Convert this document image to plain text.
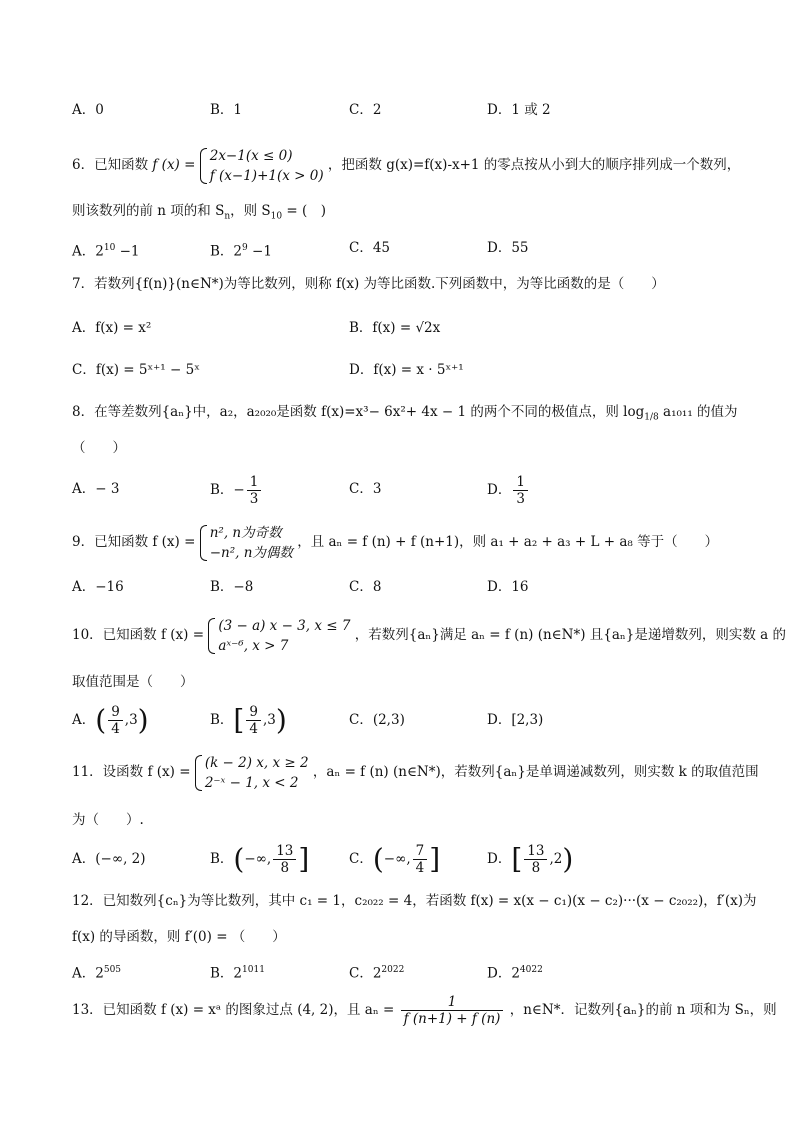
A．0	B．1	C．2	D．1 或 2
6．已知函数 f (x) =
2x−1(x ≤ 0)
f (x−1)+1(x > 0)
，把函数 g(x)=f(x)-x+1 的零点按从小到大的顺序排列成一个数列，
则该数列的前 n 项的和 $S_n$，则 $S_{10}$ = (　)
A．$2^{10} -1$	B．$2^9 -1$	C．45	D．55
7．若数列{f(n)}(n∈N*)为等比数列，则称 f(x) 为等比函数.下列函数中，为等比函数的是（　　）
A．f(x) = x²	B．f(x) = √2x
C．f(x) = 5ˣ⁺¹ − 5ˣ	D．f(x) = x · 5ˣ⁺¹
8．在等差数列{aₙ}中，a₂，a₂₀₂₀是函数 f(x)=x³− 6x²+ 4x − 1 的两个不同的极值点，则 $\log_{1/8} a_{1011}$ 的值为
（　　）
A．− 3	B．− $\frac{1}{3}$	C．3	D． $\frac{1}{3}$
9．已知函数 f (x) =
n², n为奇数
−n², n为偶数
，且 aₙ = f (n) + f (n+1)，则 a₁ + a₂ + a₃ + L + a₈ 等于（　　）
A．−16	B．−8	C．8	D．16
10．已知函数 f (x) =
(3 − a) x − 3, x ≤ 7
aˣ⁻⁶, x > 7
，若数列{aₙ}满足 aₙ = f (n) (n∈N*) 且{aₙ}是递增数列，则实数 a 的
取值范围是（　　）
A．( $\frac{9}{4} ,3$)	B．[ $\frac{9}{4} ,3$)	C．(2,3)	D．[2,3)
11．设函数 f (x) =
(k − 2) x, x ≥ 2
2⁻ˣ − 1, x < 2
，aₙ = f (n) (n∈N*)，若数列{aₙ}是单调递减数列，则实数 k 的取值范围
为（　　）.
A．(−∞, 2)	B．(−∞, $\frac{13}{8}$ ]	C．(−∞, $\frac{7}{4}$ ]	D．[ $\frac{13}{8} ,2$)
12．已知数列{cₙ}为等比数列，其中 c₁ = 1，c₂₀₂₂ = 4，若函数 f(x) = x(x − c₁)(x − c₂)···(x − c₂₀₂₂)，f′(x)为
f(x) 的导函数，则 f′(0) = （　　）
A．$2^{505}$	B．$2^{1011}$	C．$2^{2022}$	D．$2^{4022}$
13．已知函数 f (x) = xᵃ 的图象过点 (4, 2)，且 $a_n = \frac{1}{f (n+1) + f (n)}$ ，n∈N*．记数列{aₙ}的前 n 项和为 Sₙ，则
